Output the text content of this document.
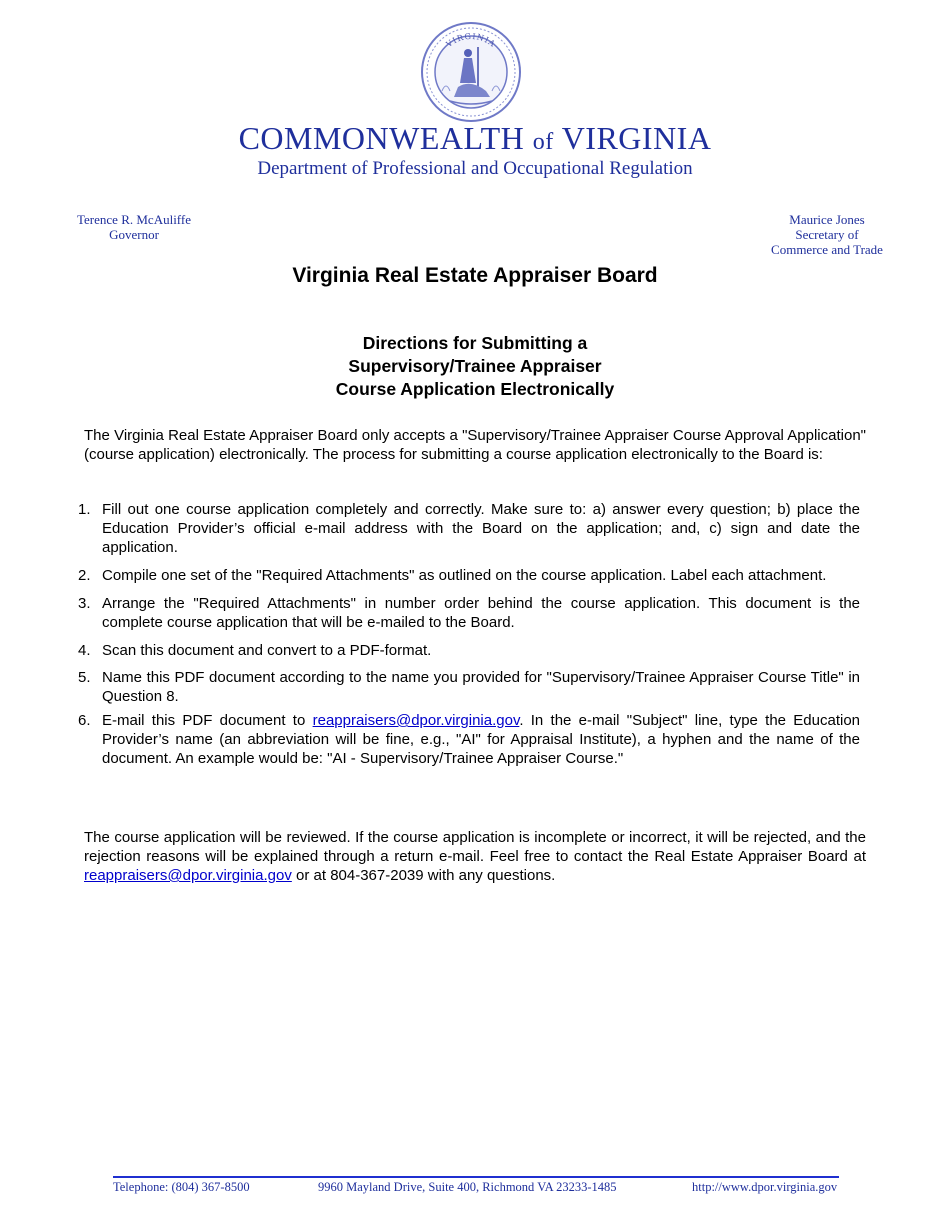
VIRGINIA
COMMONWEALTH of VIRGINIA
Department of Professional and Occupational Regulation
Terence R. McAuliffe
Governor
Maurice Jones
Secretary of
Commerce and Trade
Virginia Real Estate Appraiser Board
Directions for Submitting a
Supervisory/Trainee Appraiser
Course Application Electronically

The Virginia Real Estate Appraiser Board only accepts a "Supervisory/Trainee Appraiser Course Approval Application" (course application) electronically. The process for submitting a course application electronically to the Board is:

1. Fill out one course application completely and correctly. Make sure to: a) answer every question; b) place the Education Provider’s official e-mail address with the Board on the application; and, c) sign and date the application.
2. Compile one set of the "Required Attachments" as outlined on the course application. Label each attachment.
3. Arrange the "Required Attachments" in number order behind the course application. This document is the complete course application that will be e-mailed to the Board.
4. Scan this document and convert to a PDF-format.
5. Name this PDF document according to the name you provided for "Supervisory/Trainee Appraiser Course Title" in Question 8.
6. E-mail this PDF document to reappraisers@dpor.virginia.gov. In the e-mail "Subject" line, type the Education Provider’s name (an abbreviation will be fine, e.g., "AI" for Appraisal Institute), a hyphen and the name of the document. An example would be: "AI - Supervisory/Trainee Appraiser Course."

The course application will be reviewed. If the course application is incomplete or incorrect, it will be rejected, and the rejection reasons will be explained through a return e-mail. Feel free to contact the Real Estate Appraiser Board at reappraisers@dpor.virginia.gov or at 804-367-2039 with any questions.

Telephone: (804) 367-8500	9960 Mayland Drive, Suite 400, Richmond VA 23233-1485	http://www.dpor.virginia.gov
